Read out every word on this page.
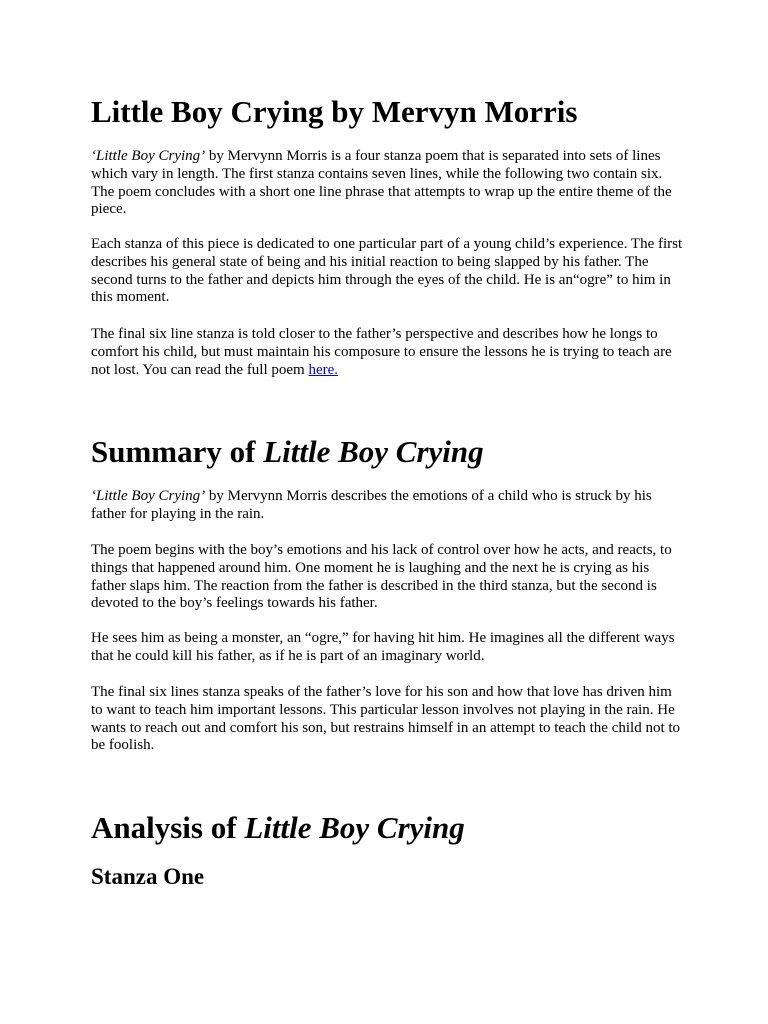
Little Boy Crying by Mervyn Morris

‘Little Boy Crying’ by Mervynn Morris is a four stanza poem that is separated into sets of lines which vary in length. The first stanza contains seven lines, while the following two contain six. The poem concludes with a short one line phrase that attempts to wrap up the entire theme of the piece.

Each stanza of this piece is dedicated to one particular part of a young child’s experience. The first describes his general state of being and his initial reaction to being slapped by his father. The second turns to the father and depicts him through the eyes of the child. He is an“ogre” to him in this moment.

The final six line stanza is told closer to the father’s perspective and describes how he longs to comfort his child, but must maintain his composure to ensure the lessons he is trying to teach are not lost. You can read the full poem here.

Summary of Little Boy Crying

‘Little Boy Crying’ by Mervynn Morris describes the emotions of a child who is struck by his father for playing in the rain.

The poem begins with the boy’s emotions and his lack of control over how he acts, and reacts, to things that happened around him. One moment he is laughing and the next he is crying as his father slaps him. The reaction from the father is described in the third stanza, but the second is devoted to the boy’s feelings towards his father.

He sees him as being a monster, an “ogre,” for having hit him. He imagines all the different ways that he could kill his father, as if he is part of an imaginary world.

The final six lines stanza speaks of the father’s love for his son and how that love has driven him to want to teach him important lessons. This particular lesson involves not playing in the rain. He wants to reach out and comfort his son, but restrains himself in an attempt to teach the child not to be foolish.

Analysis of Little Boy Crying
Stanza One
